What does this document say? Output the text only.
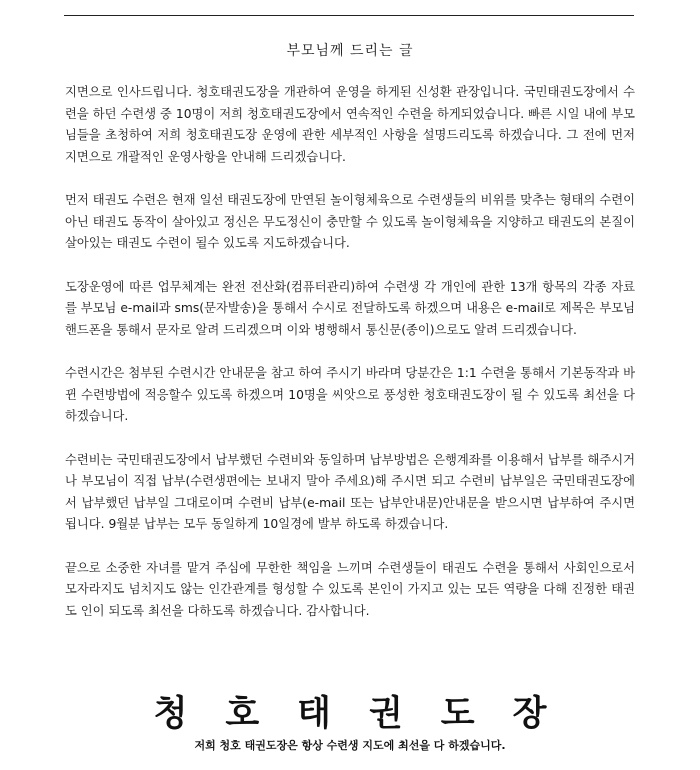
부모님께 드리는 글

지면으로 인사드립니다. 청호태권도장을 개관하여 운영을 하게된 신성환 관장입니다. 국민태권도장에서 수련을 하던 수련생 중 10명이 저희 청호태권도장에서 연속적인 수련을 하게되었습니다. 빠른 시일 내에 부모님들을 초청하여 저희 청호태권도장 운영에 관한 세부적인 사항을 설명드리도록 하겠습니다. 그 전에 먼저 지면으로 개괄적인 운영사항을 안내해 드리겠습니다.

먼저 태권도 수련은 현재 일선 태권도장에 만연된 놀이형체육으로 수련생들의 비위를 맞추는 형태의 수련이 아닌 태권도 동작이 살아있고 정신은 무도정신이 충만할 수 있도록 놀이형체육을 지양하고 태권도의 본질이 살아있는 태권도 수련이 될수 있도록 지도하겠습니다.

도장운영에 따른 업무체계는 완전 전산화(컴퓨터관리)하여 수련생 각 개인에 관한 13개 항목의 각종 자료를 부모님 e-mail과 sms(문자발송)을 통해서 수시로 전달하도록 하겠으며 내용은 e-mail로 제목은 부모님 핸드폰을 통해서 문자로 알려 드리겠으며 이와 병행해서 통신문(종이)으로도 알려 드리겠습니다.

수련시간은 첨부된 수련시간 안내문을 참고 하여 주시기 바라며 당분간은 1:1 수련을 통해서 기본동작과 바뀐 수련방법에 적응할수 있도록 하겠으며 10명을 씨앗으로 풍성한 청호태권도장이 될 수 있도록 최선을 다하겠습니다.

수련비는 국민태권도장에서 납부했던 수련비와 동일하며 납부방법은 은행계좌를 이용해서 납부를 해주시거나 부모님이 직접 납부(수련생편에는 보내지 말아 주세요)해 주시면 되고 수련비 납부일은 국민태권도장에서 납부했던 납부일 그대로이며 수련비 납부(e-mail 또는 납부안내문)안내문을 받으시면 납부하여 주시면 됩니다. 9월분 납부는 모두 동일하게 10일경에 발부 하도록 하겠습니다.

끝으로 소중한 자녀를 맡겨 주심에 무한한 책임을 느끼며 수련생들이 태권도 수련을 통해서 사회인으로서 모자라지도 넘치지도 않는 인간관계를 형성할 수 있도록 본인이 가지고 있는 모든 역량을 다해 진정한 태권도 인이 되도록 최선을 다하도록 하겠습니다. 감사합니다.

청호태권도장
저희 청호 태권도장은 항상 수련생 지도에 최선을 다 하겠습니다.
